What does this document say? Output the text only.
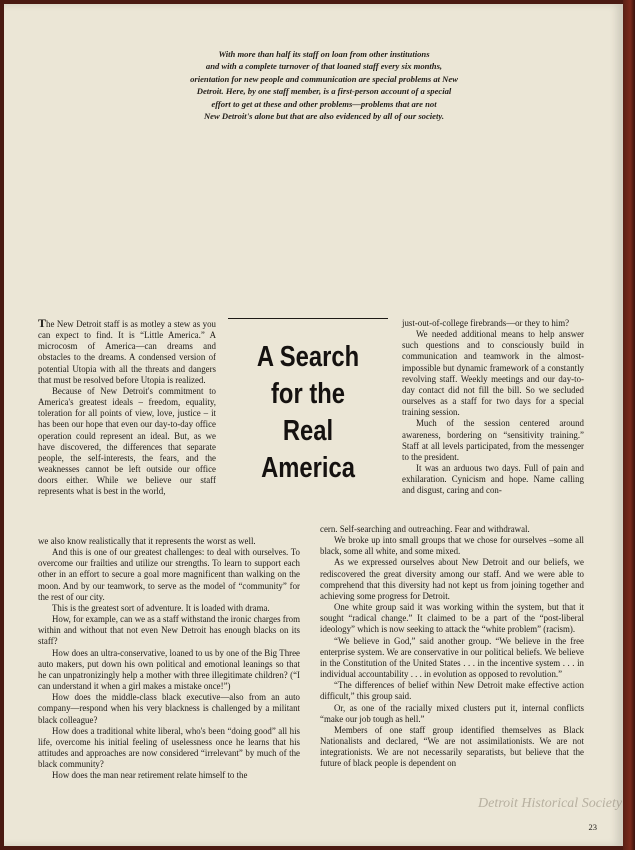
With more than half its staff on loan from other institutions

and with a complete turnover of that loaned staff every six months,

orientation for new people and communication are special problems at New

Detroit. Here, by one staff member, is a first-person account of a special

effort to get at these and other problems—problems that are not

New Detroit's alone but that are also evidenced by all of our society.

The New Detroit staff is as motley a stew as you can expect to find. It is “Little America.” A microcosm of America—can dreams and obstacles to the dreams. A condensed version of potential Utopia with all the threats and dangers that must be resolved before Utopia is realized.

Because of New Detroit's commitment to America's greatest ideals – freedom, equality, toleration for all points of view, love, justice – it has been our hope that even our day-to-day office operation could represent an ideal. But, as we have discovered, the differences that separate people, the self-interests, the fears, and the weaknesses cannot be left outside our office doors either. While we believe our staff represents what is best in the world,

A Search
for the
Real
America

just-out-of-college firebrands—or they to him?

We needed additional means to help answer such questions and to consciously build in communication and teamwork in the almost-impossible but dynamic framework of a constantly revolving staff. Weekly meetings and our day-to-day contact did not fill the bill. So we secluded ourselves as a staff for two days for a special training session.

Much of the session centered around awareness, bordering on “sensitivity training.” Staff at all levels participated, from the messenger to the president.

It was an arduous two days. Full of pain and exhilaration. Cynicism and hope. Name calling and disgust, caring and con-

we also know realistically that it represents the worst as well.

And this is one of our greatest challenges: to deal with ourselves. To overcome our frailties and utilize our strengths. To learn to support each other in an effort to secure a goal more magnificent than walking on the moon. And by our teamwork, to serve as the model of “community” for the rest of our city.

This is the greatest sort of adventure. It is loaded with drama.

How, for example, can we as a staff withstand the ironic charges from within and without that not even New Detroit has enough blacks on its staff?

How does an ultra-conservative, loaned to us by one of the Big Three auto makers, put down his own political and emotional leanings so that he can unpatronizingly help a mother with three illegitimate children? (“I can understand it when a girl makes a mistake once!”)

How does the middle-class black executive—also from an auto company—respond when his very blackness is challenged by a militant black colleague?

How does a traditional white liberal, who's been “doing good” all his life, overcome his initial feeling of uselessness once he learns that his attitudes and approaches are now considered “irrelevant” by much of the black community?

How does the man near retirement relate himself to the

cern. Self-searching and outreaching. Fear and withdrawal.

We broke up into small groups that we chose for ourselves –some all black, some all white, and some mixed.

As we expressed ourselves about New Detroit and our beliefs, we rediscovered the great diversity among our staff. And we were able to comprehend that this diversity had not kept us from joining together and achieving some progress for Detroit.

One white group said it was working within the system, but that it sought “radical change.” It claimed to be a part of the “post-liberal ideology” which is now seeking to attack the “white problem” (racism).

“We believe in God,” said another group. “We believe in the free enterprise system. We are conservative in our political beliefs. We believe in the Constitution of the United States . . . in the incentive system . . . in individual accountability . . . in evolution as opposed to revolution.”

“The differences of belief within New Detroit make effective action difficult,” this group said.

Or, as one of the racially mixed clusters put it, internal conflicts “make our job tough as hell.”

Members of one staff group identified themselves as Black Nationalists and declared, “We are not assimilationists. We are not integrationists. We are not necessarily separatists, but believe that the future of black people is dependent on

Detroit Historical Society
23
